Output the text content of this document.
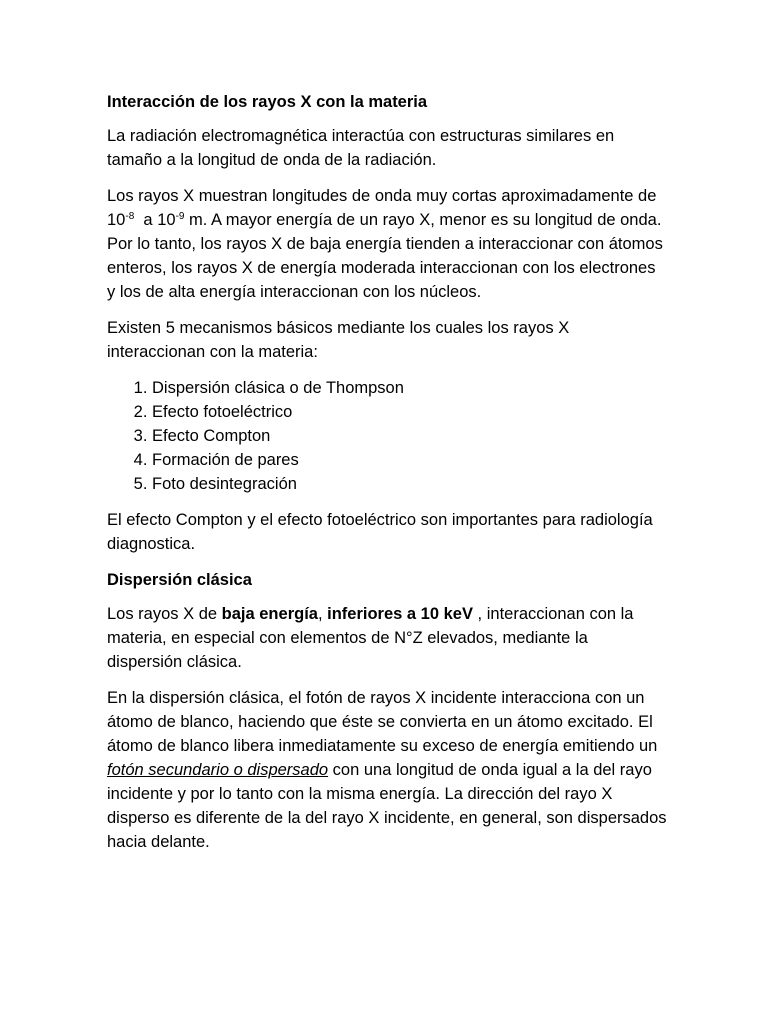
Interacción de los rayos X con la materia

La radiación electromagnética interactúa con estructuras similares en tamaño a la longitud de onda de la radiación.

Los rayos X muestran longitudes de onda muy cortas aproximadamente de $10^{-8}$  a $10^{-9}$ m. A mayor energía de un rayo X, menor es su longitud de onda. Por lo tanto, los rayos X de baja energía tienden a interaccionar con átomos enteros, los rayos X de energía moderada interaccionan con los electrones y los de alta energía interaccionan con los núcleos.

Existen 5 mecanismos básicos mediante los cuales los rayos X interaccionan con la materia:

1. Dispersión clásica o de Thompson
2. Efecto fotoeléctrico
3. Efecto Compton
4. Formación de pares
5. Foto desintegración

El efecto Compton y el efecto fotoeléctrico son importantes para radiología diagnostica.

Dispersión clásica

Los rayos X de baja energía, inferiores a 10 keV , interaccionan con la materia, en especial con elementos de N°Z elevados, mediante la dispersión clásica.

En la dispersión clásica, el fotón de rayos X incidente interacciona con un átomo de blanco, haciendo que éste se convierta en un átomo excitado. El átomo de blanco libera inmediatamente su exceso de energía emitiendo un fotón secundario o dispersado con una longitud de onda igual a la del rayo incidente y por lo tanto con la misma energía. La dirección del rayo X disperso es diferente de la del rayo X incidente, en general, son dispersados hacia delante.
